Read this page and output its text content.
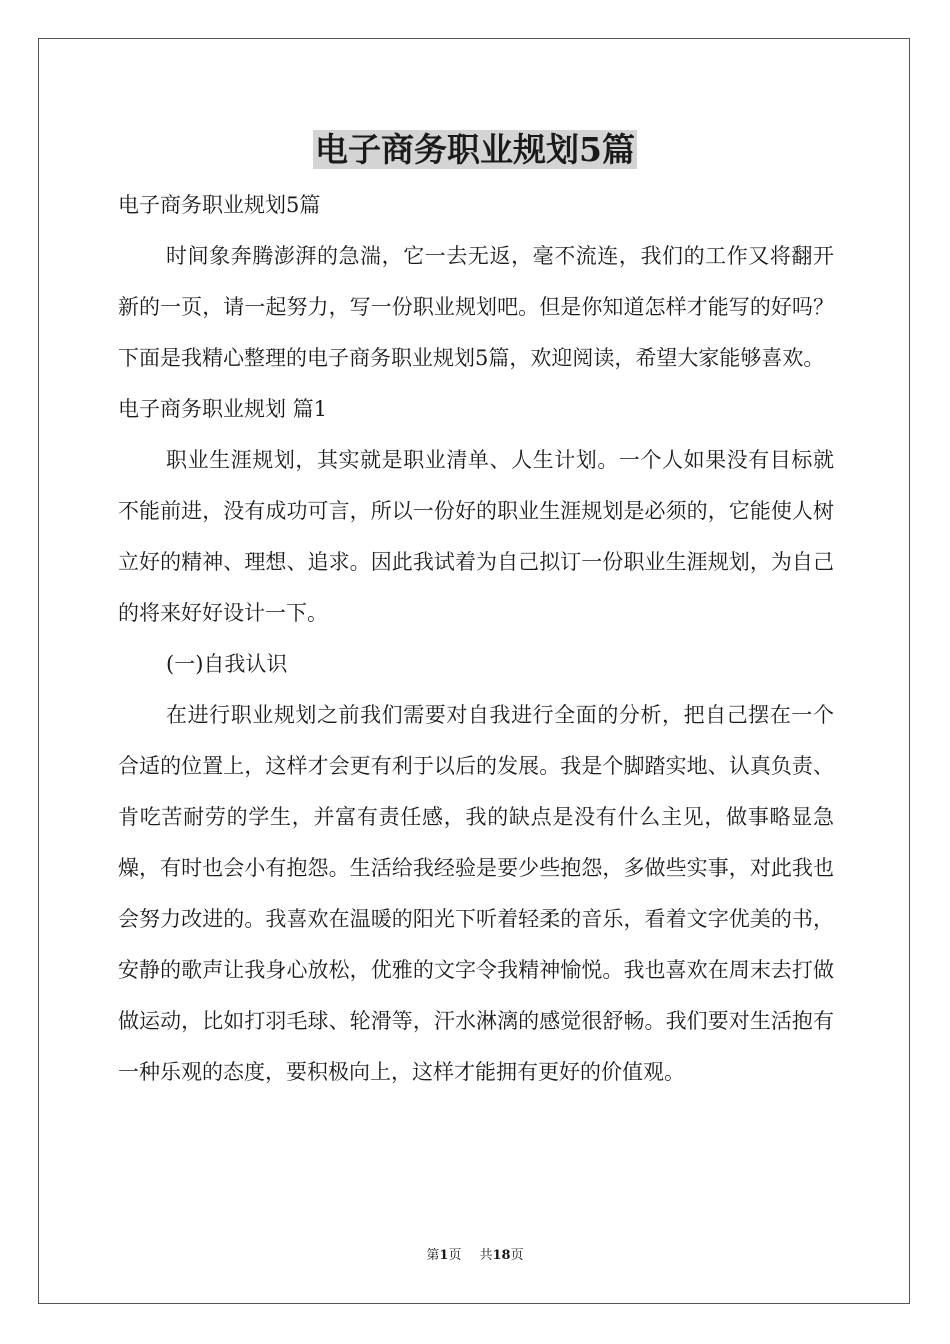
电子商务职业规划5篇

电子商务职业规划5篇

时间象奔腾澎湃的急湍，它一去无返，毫不流连，我们的工作又将翻开新的一页，请一起努力，写一份职业规划吧。但是你知道怎样才能写的好吗？下面是我精心整理的电子商务职业规划5篇，欢迎阅读，希望大家能够喜欢。

电子商务职业规划 篇1

职业生涯规划，其实就是职业清单、人生计划。一个人如果没有目标就不能前进，没有成功可言，所以一份好的职业生涯规划是必须的，它能使人树立好的精神、理想、追求。因此我试着为自己拟订一份职业生涯规划，为自己的将来好好设计一下。

(一)自我认识

在进行职业规划之前我们需要对自我进行全面的分析，把自己摆在一个合适的位置上，这样才会更有利于以后的发展。我是个脚踏实地、认真负责、肯吃苦耐劳的学生，并富有责任感，我的缺点是没有什么主见，做事略显急燥，有时也会小有抱怨。生活给我经验是要少些抱怨，多做些实事，对此我也会努力改进的。我喜欢在温暖的阳光下听着轻柔的音乐，看着文字优美的书，安静的歌声让我身心放松，优雅的文字令我精神愉悦。我也喜欢在周末去打做做运动，比如打羽毛球、轮滑等，汗水淋漓的感觉很舒畅。我们要对生活抱有一种乐观的态度，要积极向上，这样才能拥有更好的价值观。

第1页 共18页
